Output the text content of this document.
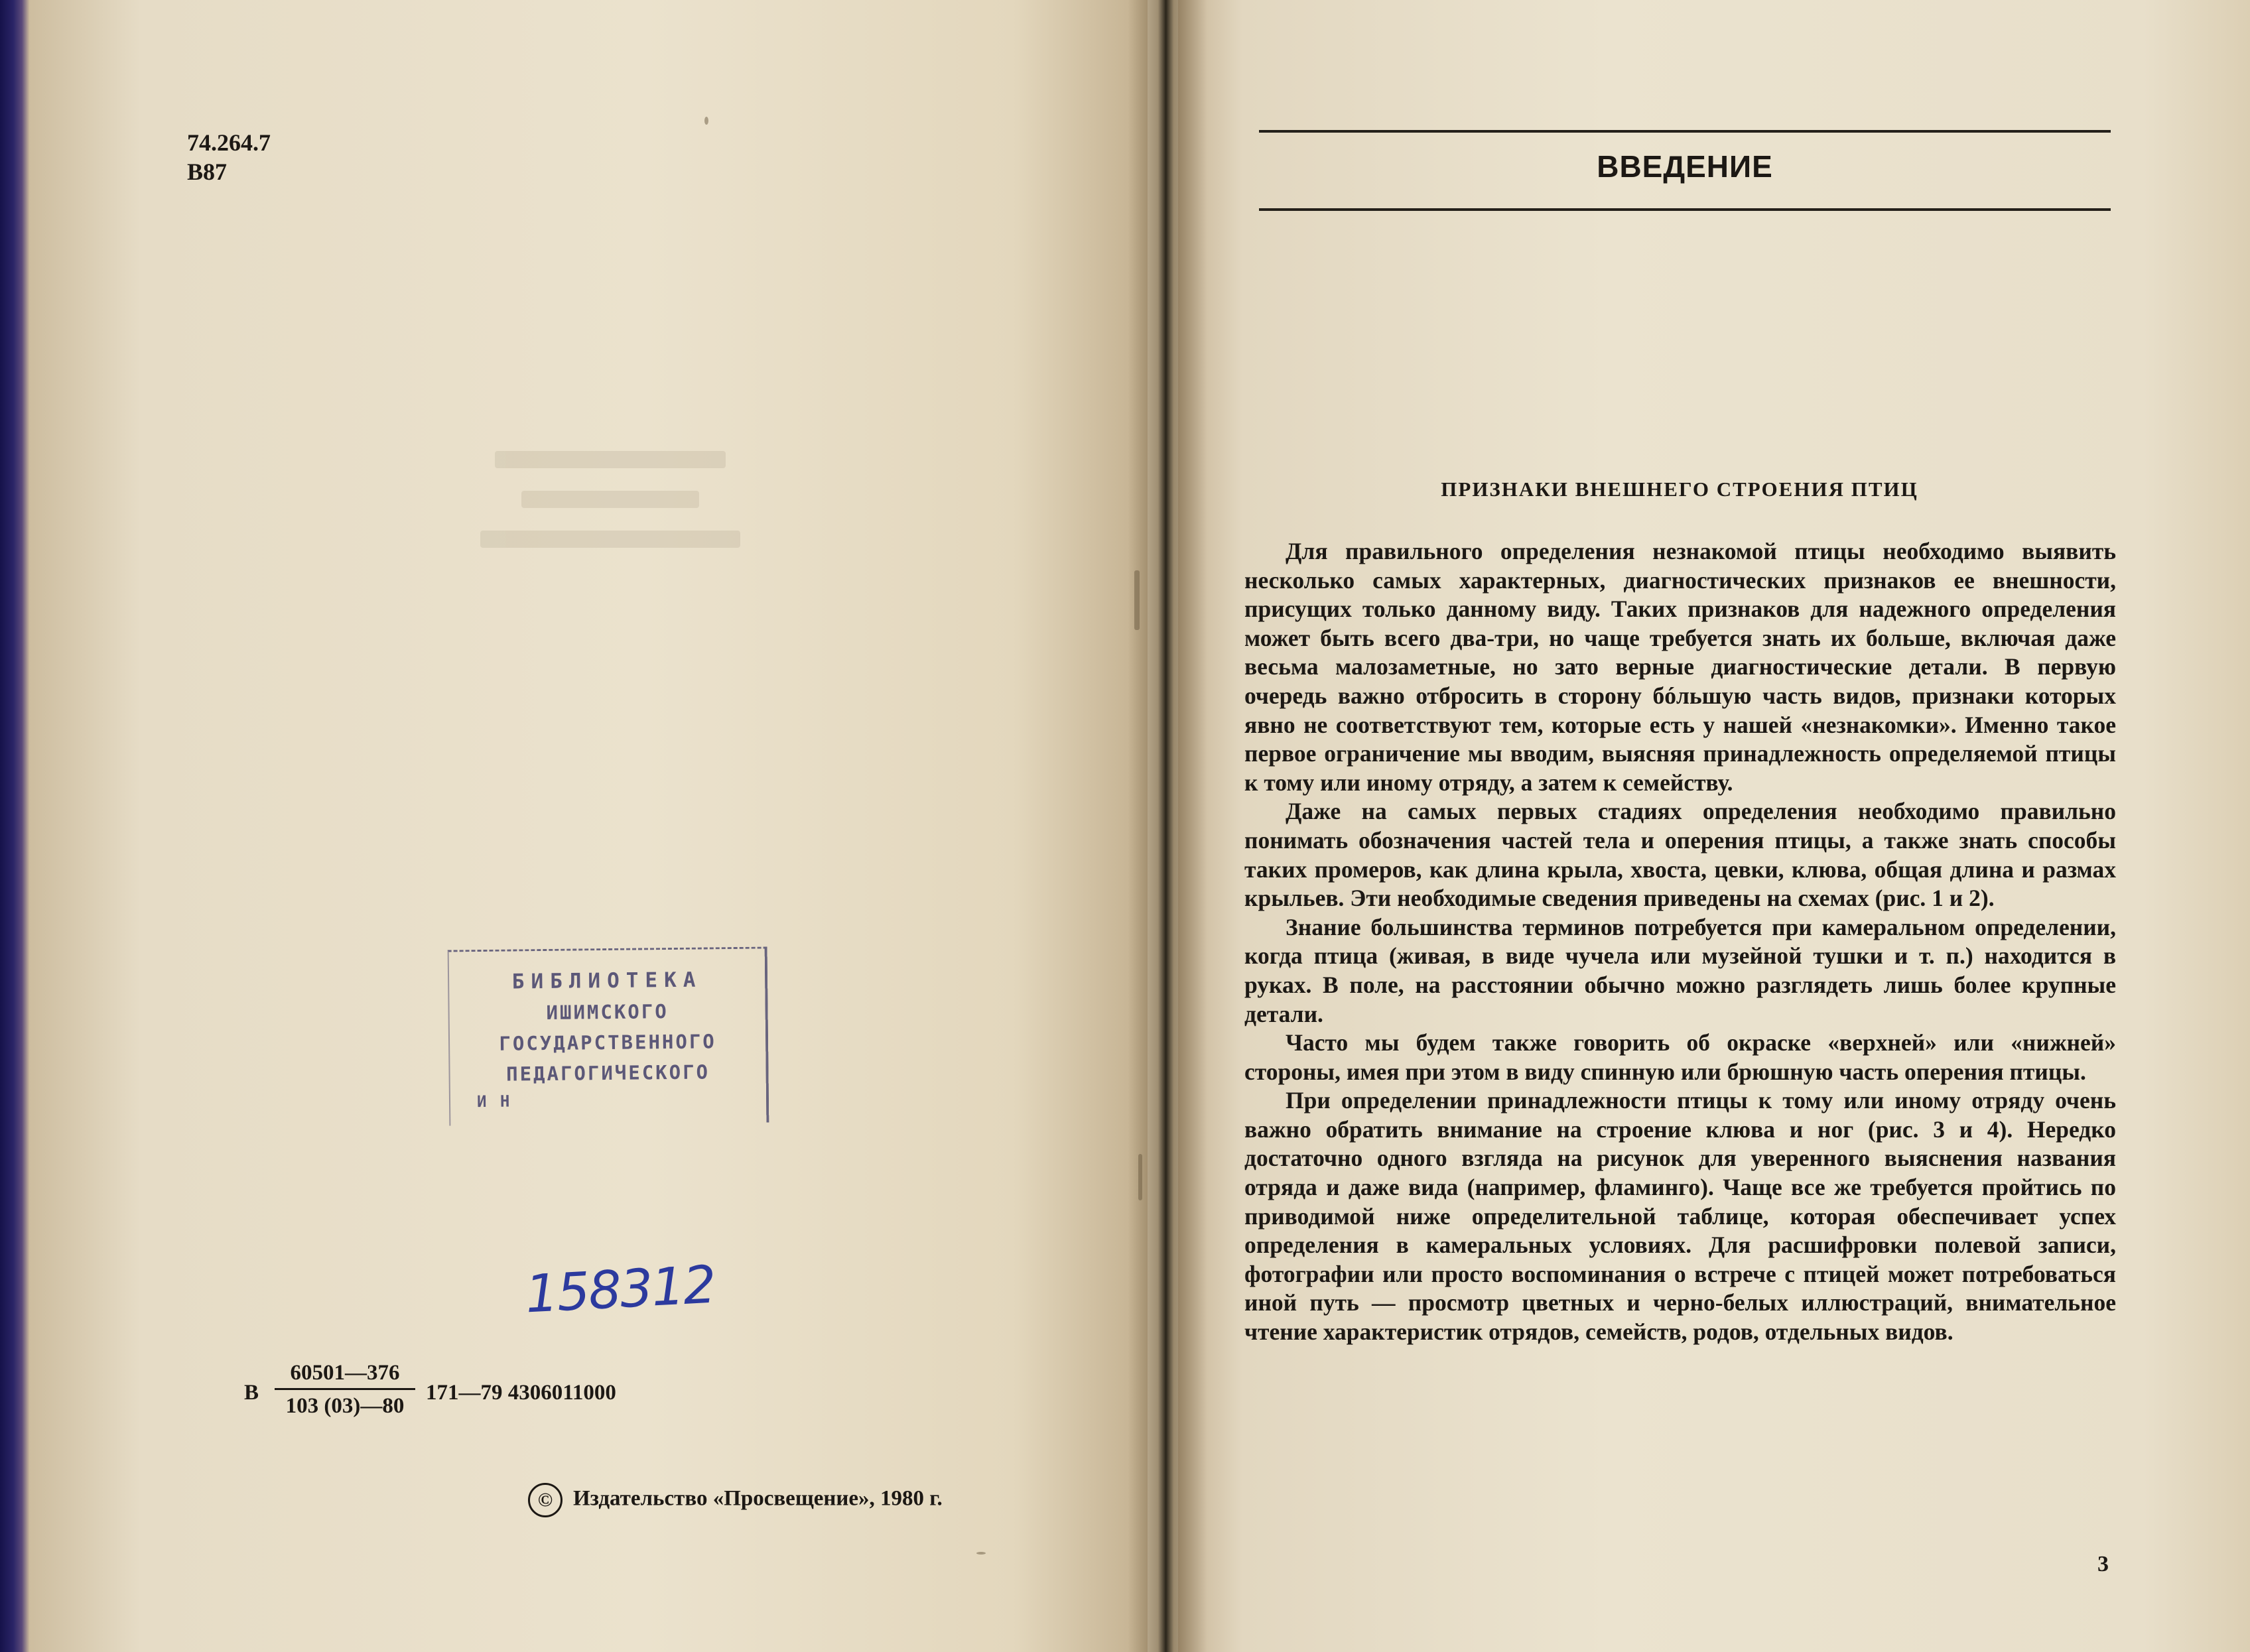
74.264.7
В87
БИБЛИОТЕКА
ИШИМСКОГО
ГОСУДАРСТВЕННОГО
ПЕДАГОГИЧЕСКОГО
И Н
158312
В $\frac{60501—376}{103 (03)—80}$ 171—79 4306011000
© Издательство «Просвещение», 1980 г.
ВВЕДЕНИЕ
ПРИЗНАКИ ВНЕШНЕГО СТРОЕНИЯ ПТИЦ

Для правильного определения незнакомой птицы необходимо выявить несколько самых характерных, диагностических признаков ее внешности, присущих только данному виду. Таких признаков для надежного определения может быть всего два-три, но чаще требуется знать их больше, включая даже весьма малозаметные, но зато верные диагностические детали. В первую очередь важно отбросить в сторону бóльшую часть видов, признаки которых явно не соответствуют тем, которые есть у нашей «незнакомки». Именно такое первое ограничение мы вводим, выясняя принадлежность определяемой птицы к тому или иному отряду, а затем к семейству.

Даже на самых первых стадиях определения необходимо правильно понимать обозначения частей тела и оперения птицы, а также знать способы таких промеров, как длина крыла, хвоста, цевки, клюва, общая длина и размах крыльев. Эти необходимые сведения приведены на схемах (рис. 1 и 2).

Знание большинства терминов потребуется при камеральном определении, когда птица (живая, в виде чучела или музейной тушки и т. п.) находится в руках. В поле, на расстоянии обычно можно разглядеть лишь более крупные детали.

Часто мы будем также говорить об окраске «верхней» или «нижней» стороны, имея при этом в виду спинную или брюшную часть оперения птицы.

При определении принадлежности птицы к тому или иному отряду очень важно обратить внимание на строение клюва и ног (рис. 3 и 4). Нередко достаточно одного взгляда на рисунок для уверенного выяснения названия отряда и даже вида (например, фламинго). Чаще все же требуется пройтись по приводимой ниже определительной таблице, которая обеспечивает успех определения в камеральных условиях. Для расшифровки полевой записи, фотографии или просто воспоминания о встрече с птицей может потребоваться иной путь — просмотр цветных и черно-белых иллюстраций, внимательное чтение характеристик отрядов, семейств, родов, отдельных видов.

3
